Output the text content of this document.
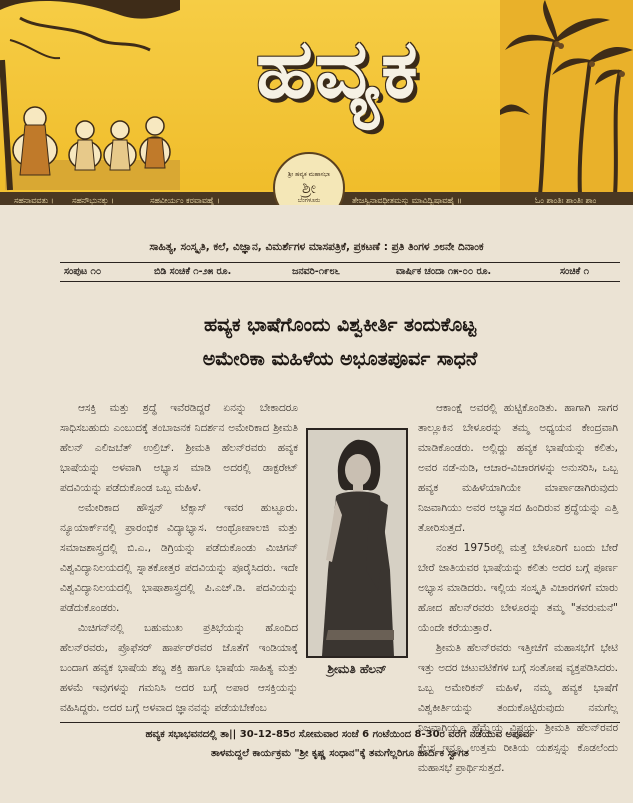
ಹವ್ಯಕ
ಶ್ರೀ ಹವ್ಯಕ ಮಹಾಸಭಾ
ಶ್ರೀ
ಬೆಂಗಳೂರು
ಸಹನಾವವತು । ಸಹನೌಭುನಕ್ತು ।	ಸಹವೀರ್ಯಂ ಕರವಾವಹೈ ।	ತೇಜಸ್ವಿನಾವಧೀತಮಸ್ತು ಮಾವಿದ್ವಿಷಾವಹೈ ॥	ಓಂ ಶಾಂತಿಃ ಶಾಂತಿಃ ಶಾಂ
ಸಾಹಿತ್ಯ, ಸಂಸ್ಕೃತಿ, ಕಲೆ, ವಿಜ್ಞಾನ, ವಿಮರ್ಶೆಗಳ ಮಾಸಪತ್ರಿಕೆ, ಪ್ರಕಟಣೆ : ಪ್ರತಿ ತಿಂಗಳ ೨೮ನೇ ದಿನಾಂಕ
ಸಂಪುಟ ೧೦	ಬಿಡಿ ಸಂಚಿಕೆ ೧-೨೫ ರೂ.	ಜನವರಿ-೧೯೮೬	ವಾರ್ಷಿಕ ಚಂದಾ ೧೫-೦೦ ರೂ.	ಸಂಚಿಕೆ ೧
ಹವ್ಯಕ ಭಾಷೆಗೊಂದು ವಿಶ್ವಕೀರ್ತಿ ತಂದುಕೊಟ್ಟ
ಅಮೇರಿಕಾ ಮಹಿಳೆಯ ಅಭೂತಪೂರ್ವ ಸಾಧನೆ

ಆಸಕ್ತಿ ಮತ್ತು ಶ್ರದ್ಧೆ ಇವೆರಡಿದ್ದರೆ ಏನನ್ನು ಬೇಕಾದರೂ ಸಾಧಿಸಬಹುದು ಎಂಬುದಕ್ಕೆ ತಂಬಾಜನಕ ನಿದರ್ಶನ ಅಮೇರಿಕಾದ ಶ್ರೀಮತಿ ಹೆಲನ್ ಎಲಿಜಬೆತ್ ಉಲ್ರಿಚ್. ಶ್ರೀಮತಿ ಹೆಲನ್‌ರವರು ಹವ್ಯಕ ಭಾಷೆಯನ್ನು ಅಳವಾಗಿ ಅಭ್ಯಾಸ ಮಾಡಿ ಅದರಲ್ಲಿ ಡಾಕ್ಟರೇಟ್ ಪದವಿಯನ್ನು ಪಡೆದುಕೊಂಡ ಒಬ್ಬ ಮಹಿಳೆ.

ಅಮೇರಿಕಾದ ಹೌಸ್ಟನ್ ಟೆಕ್ಸಾಸ್ ಇವರ ಹುಟ್ಟೂರು. ನ್ಯೂಯಾರ್ಕ್‌ನಲ್ಲಿ ಪ್ರಾರಂಭಿಕ ವಿದ್ಯಾಭ್ಯಾಸ. ಆಂಥ್ರೋಪಾಲಜಿ ಮತ್ತು ಸಮಾಜಶಾಸ್ತ್ರದಲ್ಲಿ ಬಿ.ಎ., ಡಿಗ್ರಿಯನ್ನು ಪಡೆದುಕೊಂಡು ಮಿಚಿಗನ್ ವಿಶ್ವವಿದ್ಯಾನಿಲಯದಲ್ಲಿ ಸ್ನಾತಕೋತ್ತರ ಪದವಿಯನ್ನು ಪೂರೈಸಿದರು. ಇದೇ ವಿಶ್ವವಿದ್ಯಾನಿಲಯದಲ್ಲಿ ಭಾಷಾಶಾಸ್ತ್ರದಲ್ಲಿ ಪಿ.ಎಚ್.ಡಿ. ಪದವಿಯನ್ನು ಪಡೆದುಕೊಂಡರು.

ಮಿಚಿಗನ್‌ನಲ್ಲಿ ಬಹುಮುಖ ಪ್ರತಿಭೆಯನ್ನು ಹೊಂದಿದ ಹೆಲನ್‌ರವರು, ಪ್ರೊಫೆಸರ್ ಹಾರ್ಪರ್‌ರವರ ಜೊತೆಗೆ ಇಂಡಿಯಾಕ್ಕೆ ಬಂದಾಗ ಹವ್ಯಕ ಭಾಷೆಯ ಶಬ್ದ ಶಕ್ತಿ ಹಾಗೂ ಭಾಷೆಯ ಸಾಹಿತ್ಯ ಮತ್ತು ಹಳಮೆ ಇವುಗಳನ್ನು ಗಮನಿಸಿ ಅದರ ಬಗ್ಗೆ ಅಪಾರ ಆಸಕ್ತಿಯನ್ನು ವಹಿಸಿದ್ದರು. ಅದರ ಬಗ್ಗೆ ಅಳವಾದ ಜ್ಞಾನವನ್ನು ಪಡೆಯಬೇಕೆಂಬ

ಶ್ರೀಮತಿ ಹೆಲನ್

ಆಕಾಂಕ್ಷೆ ಅವರಲ್ಲಿ ಹುಟ್ಟಿಕೊಂಡಿತು. ಹಾಗಾಗಿ ಸಾಗರ ತಾಲ್ಲೂಕಿನ ಬೇಳೂರನ್ನು ತಮ್ಮ ಅಧ್ಯಯನ ಕೇಂದ್ರವಾಗಿ ಮಾಡಿಕೊಂಡರು. ಅಲ್ಲಿದ್ದು ಹವ್ಯಕ ಭಾಷೆಯನ್ನು ಕಲಿತು, ಅವರ ನಡೆ-ನುಡಿ, ಆಚಾರ-ವಿಚಾರಗಳನ್ನು ಅನುಸರಿಸಿ, ಒಬ್ಬ ಹವ್ಯಕ ಮಹಿಳೆಯಾಗಿಯೇ ಮಾರ್ಪಾಡಾಗಿರುವುದು ನಿಜವಾಗಿಯು ಅವರ ಅಭ್ಯಾಸದ ಹಿಂದಿರುವ ಶ್ರದ್ಧೆಯನ್ನು ಎತ್ತಿ ತೋರಿಸುತ್ತದೆ.

ನಂತರ 1975ರಲ್ಲಿ ಮತ್ತೆ ಬೇಳೂರಿಗೆ ಬಂದು ಬೇರೆ ಬೇರೆ ಜಾತಿಯವರ ಭಾಷೆಯನ್ನು ಕಲಿತು ಅದರ ಬಗ್ಗೆ ಪೂರ್ಣ ಅಭ್ಯಾಸ ಮಾಡಿದರು. ಇಲ್ಲಿಯ ಸಂಸ್ಕೃತಿ ವಿಚಾರಗಳಿಗೆ ಮಾರು ಹೋದ ಹೆಲನ್‌ರವರು ಬೇಳೂರನ್ನು ತಮ್ಮ "ತವರುಮನೆ" ಯೆಂದೇ ಕರೆಯುತ್ತಾರೆ.

ಶ್ರೀಮತಿ ಹೆಲನ್‌ರವರು ಇತ್ತೀಚೆಗೆ ಮಹಾಸಭೆಗೆ ಭೇಟಿ ಇತ್ತು ಅದರ ಚಟುವಟಿಕೆಗಳ ಬಗ್ಗೆ ಸಂತೋಷ ವ್ಯಕ್ತಪಡಿಸಿದರು. ಒಬ್ಬ ಅಮೇರಿಕನ್ ಮಹಿಳೆ, ನಮ್ಮ ಹವ್ಯಕ ಭಾಷೆಗೆ ವಿಶ್ವಕೀರ್ತಿಯನ್ನು ತಂದುಕೊಟ್ಟಿರುವುದು ನಮಗೆಲ್ಲ ನಿಜವಾಗಿಯೂ ಹೆಮ್ಮೆಯ ವಿಷಯ. ಶ್ರೀಮತಿ ಹೆಲನ್‌ರವರ ಕೆಲಸ ಇನ್ನೂ ಉತ್ತಮ ರೀತಿಯ ಯಶಸ್ಸನ್ನು ಕೊಡಲೆಂದು ಮಹಾಸಭೆ ಪ್ರಾರ್ಥಿಸುತ್ತದೆ.

ಹವ್ಯಕ ಸಭಾಭವನದಲ್ಲಿ ತಾ|| 30-12-85ರ ಸೋಮವಾರ ಸಂಜೆ 6 ಗಂಟೆಯಿಂದ 8-30ರ ವರೆಗೆ ನಡೆಯುವ ಅಪೂರ್ವ
ತಾಳಮದ್ದಲೆ ಕಾರ್ಯಕ್ರಮ "ಶ್ರೀ ಕೃಷ್ಣ ಸಂಧಾನ"ಕ್ಕೆ ತಮಗೆಲ್ಲರಿಗೂ ಹಾರ್ದಿಕ ಸ್ವಾಗತ
